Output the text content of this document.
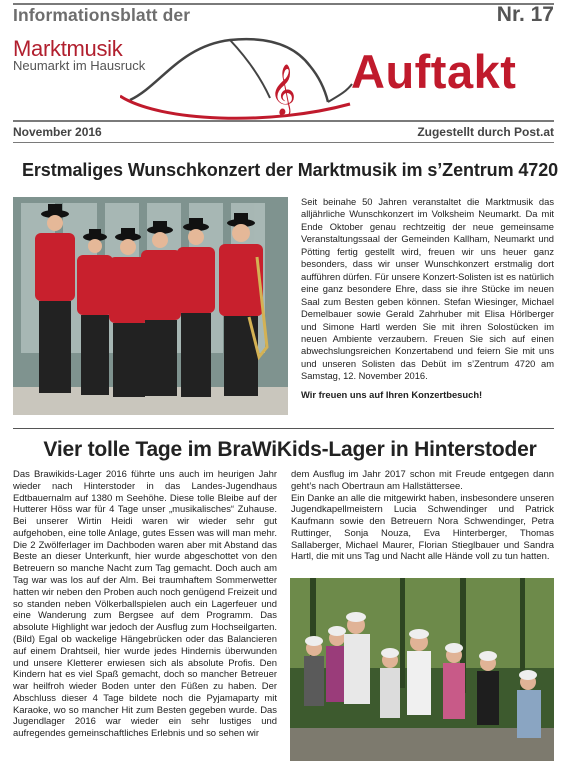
Informationsblatt der	Nr. 17
𝄞
Marktmusik
Neumarkt im Hausruck	Auftakt
November 2016	Zugestellt durch Post.at
Erstmaliges Wunschkonzert der Marktmusik im s’Zentrum 4720
Seit beinahe 50 Jahren veranstaltet die Marktmusik das alljährliche Wunschkonzert im Volksheim Neumarkt. Da mit Ende Oktober genau rechtzeitig der neue gemeinsame Veranstaltungssaal der Gemeinden Kallham, Neumarkt und Pötting fertig gestellt wird, freuen wir uns heuer ganz besonders, dass wir unser Wunschkonzert erstmalig dort aufführen dürfen. Für unsere Konzert-Solisten ist es natürlich eine ganz besondere Ehre, dass sie ihre Stücke im neuen Saal zum Besten geben können. Stefan Wiesinger, Michael Demelbauer sowie Gerald Zahrhuber mit Elisa Hörlberger und Simone Hartl werden Sie mit ihren Solostücken im neuen Ambiente verzaubern. Freuen Sie sich auf einen abwechslungsreichen Konzertabend und feiern Sie mit uns und unseren Solisten das Debüt im s’Zentrum 4720 am Samstag, 12. November 2016.
Wir freuen uns auf Ihren Konzertbesuch!
Vier tolle Tage im BraWiKids-Lager in Hinterstoder
Das Brawikids-Lager 2016 führte uns auch im heurigen Jahr wieder nach Hinterstoder in das Landes-Jugendhaus Edtbauernalm auf 1380 m Seehöhe. Diese tolle Bleibe auf der Hutterer Höss war für 4 Tage unser „musikalisches“ Zuhause. Bei unserer Wirtin Heidi waren wir wieder sehr gut aufgehoben, eine tolle Anlage, gutes Essen was will man mehr. Die 2 Zwölferlager im Dachboden waren aber mit Abstand das Beste an dieser Unterkunft, hier wurde abgeschottet von den Betreuern so manche Nacht zum Tag gemacht. Doch auch am Tag war was los auf der Alm. Bei traumhaftem Sommerwetter hatten wir neben den Proben auch noch genügend Freizeit und so standen neben Völkerballspielen auch ein Lagerfeuer und eine Wanderung zum Bergsee auf dem Programm. Das absolute Highlight war jedoch der Ausflug zum Hochseilgarten. (Bild) Egal ob wackelige Hängebrücken oder das Balancieren auf einem Drahtseil, hier wurde jedes Hindernis überwunden und unsere Kletterer erwiesen sich als absolute Profis. Den Kindern hat es viel Spaß gemacht, doch so mancher Betreuer war heilfroh wieder Boden unter den Füßen zu haben. Der Abschluss dieser 4 Tage bildete noch die Pyjamaparty mit Karaoke, wo so mancher Hit zum Besten gegeben wurde. Das Jugendlager 2016 war wieder ein sehr lustiges und aufregendes gemeinschaftliches Erlebnis und so sehen wir

dem Ausflug im Jahr 2017 schon mit Freude entgegen dann geht’s nach Obertraun am Hallstättersee.

Ein Danke an alle die mitgewirkt haben, insbesondere unseren Jugendkapellmeistern Lucia Schwendinger und Patrick Kaufmann sowie den Betreuern Nora Schwendinger, Petra Ruttinger, Sonja Nouza, Eva Hinterberger, Thomas Sallaberger, Michael Maurer, Florian Stieglbauer und Sandra Hartl, die mit uns Tag und Nacht alle Hände voll zu tun hatten.
